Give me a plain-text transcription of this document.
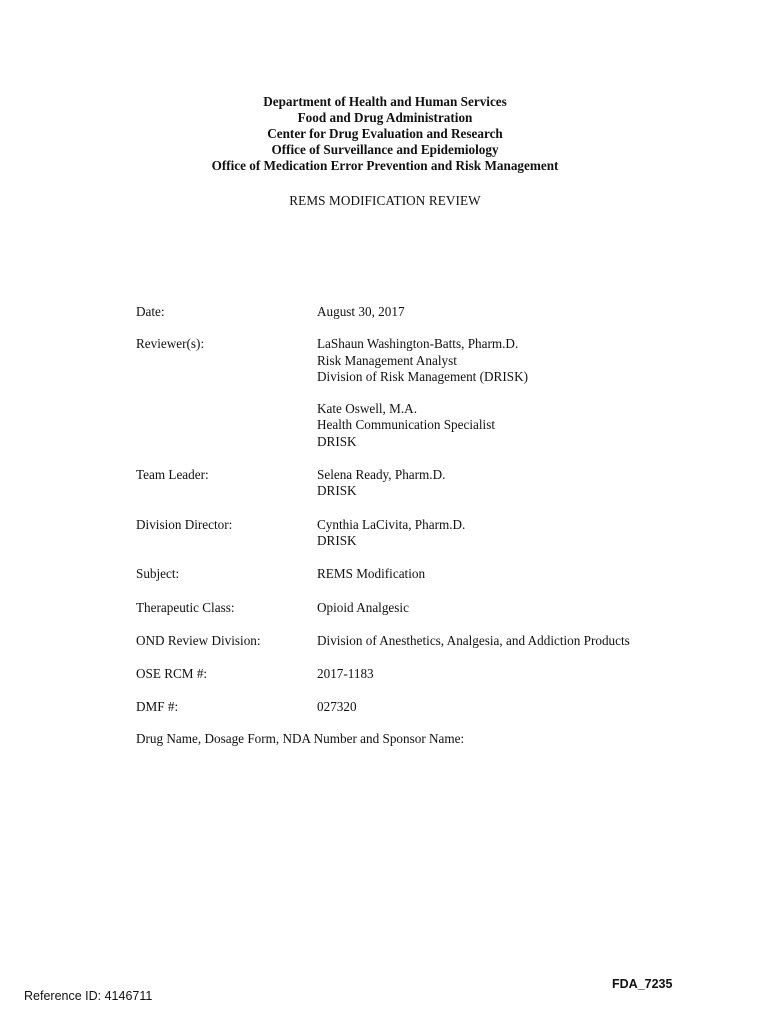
Department of Health and Human Services
Food and Drug Administration
Center for Drug Evaluation and Research
Office of Surveillance and Epidemiology
Office of Medication Error Prevention and Risk Management
REMS MODIFICATION REVIEW
Date:	August 30, 2017
Reviewer(s):	LaShaun Washington-Batts, Pharm.D.
Risk Management Analyst
Division of Risk Management (DRISK)
Kate Oswell, M.A.
Health Communication Specialist
DRISK
Team Leader:	Selena Ready, Pharm.D.
DRISK
Division Director:	Cynthia LaCivita, Pharm.D.
DRISK
Subject:	REMS Modification
Therapeutic Class:	Opioid Analgesic
OND Review Division:	Division of Anesthetics, Analgesia, and Addiction Products
OSE RCM #:	2017-1183
DMF #:	027320
Drug Name, Dosage Form, NDA Number and Sponsor Name:
FDA_7235
Reference ID: 4146711
